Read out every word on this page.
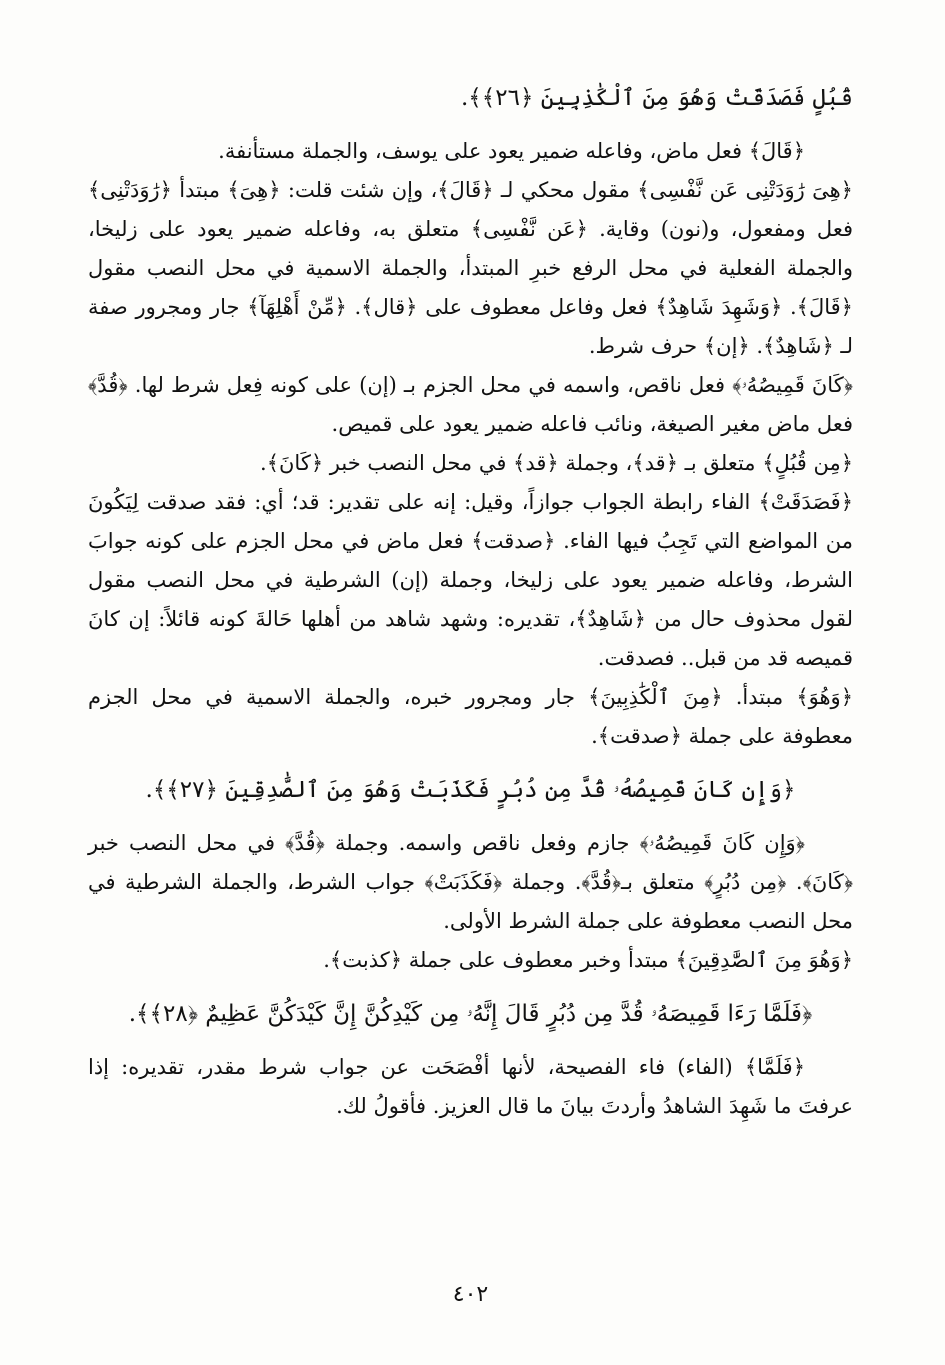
قُبُلٍ فَصَدَقَتْ وَهُوَ مِنَ ٱلْكَٰذِبِينَ ﴿٢٦﴾﴾.

﴿قَالَ﴾ فعل ماض، وفاعله ضمير يعود على يوسف، والجملة مستأنفة.

﴿هِىَ رَٰوَدَتْنِى عَن نَّفْسِى﴾ مقول محكي لـ ﴿قَالَ﴾، وإن شئت قلت: ﴿هِىَ﴾ مبتدأ ﴿رَٰوَدَتْنِى﴾ فعل ومفعول، و(نون) وقاية. ﴿عَن نَّفْسِى﴾ متعلق به، وفاعله ضمير يعود على زليخا، والجملة الفعلية في محل الرفع خبرِ المبتدأ، والجملة الاسمية في محل النصب مقول ﴿قَالَ﴾. ﴿وَشَهِدَ شَاهِدٌ﴾ فعل وفاعل معطوف على ﴿قال﴾. ﴿مِّنْ أَهْلِهَآ﴾ جار ومجرور صفة لـ ﴿شَاهِدٌ﴾. ﴿إن﴾ حرف شرط.

﴿كَانَ قَمِيصُهُۥ﴾ فعل ناقص، واسمه في محل الجزم بـ (إن) على كونه فِعل شرط لها. ﴿قُدَّ﴾ فعل ماض مغير الصيغة، ونائب فاعله ضمير يعود على قميص.

﴿مِن قُبُلٍ﴾ متعلق بـ ﴿قد﴾، وجملة ﴿قد﴾ في محل النصب خبر ﴿كَانَ﴾.

﴿فَصَدَقَتْ﴾ الفاء رابطة الجواب جوازاً، وقيل: إنه على تقدير: قد؛ أي: فقد صدقت لِيَكُونَ من المواضع التي تَجِبُ فيها الفاء. ﴿صدقت﴾ فعل ماض في محل الجزم على كونه جوابَ الشرط، وفاعله ضمير يعود على زليخا، وجملة (إن) الشرطية في محل النصب مقول لقول محذوف حال من ﴿شَاهِدٌ﴾، تقديره: وشهد شاهد من أهلها حَالةَ كونه قائلاً: إن كانَ قميصه قد من قبل.. فصدقت.

﴿وَهُوَ﴾ مبتدأ. ﴿مِنَ ٱلْكَٰذِبِينَ﴾ جار ومجرور خبره، والجملة الاسمية في محل الجزم معطوفة على جملة ﴿صدقت﴾.

﴿وَإِن كَانَ قَمِيصُهُۥ قُدَّ مِن دُبُرٍ فَكَذَبَتْ وَهُوَ مِنَ ٱلصَّٰدِقِينَ ﴿٢٧﴾﴾.

﴿وَإِن كَانَ قَمِيصُهُۥ﴾ جازم وفعل ناقص واسمه. وجملة ﴿قُدَّ﴾ في محل النصب خبر ﴿كَانَ﴾. ﴿مِن دُبُرٍ﴾ متعلق بـ﴿قُدَّ﴾. وجملة ﴿فَكَذَبَتْ﴾ جواب الشرط، والجملة الشرطية في محل النصب معطوفة على جملة الشرط الأولى.

﴿وَهُوَ مِنَ ٱلصَّٰدِقِينَ﴾ مبتدأ وخبر معطوف على جملة ﴿كذبت﴾.

﴿فَلَمَّا رَءَا قَمِيصَهُۥ قُدَّ مِن دُبُرٍ قَالَ إِنَّهُۥ مِن كَيْدِكُنَّ إِنَّ كَيْدَكُنَّ عَظِيمٌ ﴿٢٨﴾﴾.

﴿فَلَمَّا﴾ (الفاء) فاء الفصيحة، لأنها أفْصَحَت عن جواب شرط مقدر، تقديره: إذا عرفتَ ما شَهِدَ الشاهدُ وأردتَ بيانَ ما قال العزيز. فأقولُ لك.

٤٠٢
